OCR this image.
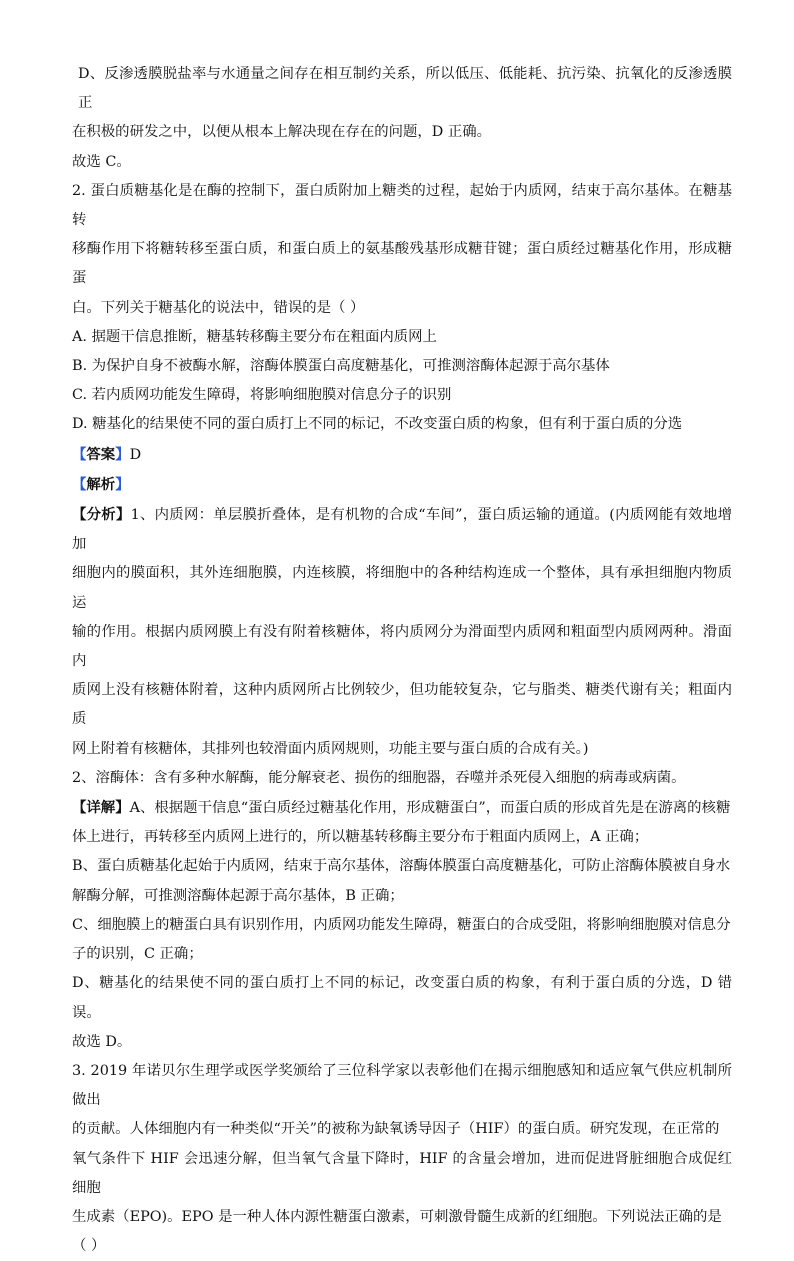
D、反渗透膜脱盐率与水通量之间存在相互制约关系，所以低压、低能耗、抗污染、抗氧化的反渗透膜正

在积极的研发之中，以便从根本上解决现在存在的问题，D 正确。

故选 C。

2. 蛋白质糖基化是在酶的控制下，蛋白质附加上糖类的过程，起始于内质网，结束于高尔基体。在糖基转

移酶作用下将糖转移至蛋白质，和蛋白质上的氨基酸残基形成糖苷键；蛋白质经过糖基化作用，形成糖蛋

白。下列关于糖基化的说法中，错误的是（ ）

A. 据题干信息推断，糖基转移酶主要分布在粗面内质网上

B. 为保护自身不被酶水解，溶酶体膜蛋白高度糖基化，可推测溶酶体起源于高尔基体

C. 若内质网功能发生障碍，将影响细胞膜对信息分子的识别

D. 糖基化的结果使不同的蛋白质打上不同的标记，不改变蛋白质的构象，但有利于蛋白质的分选

【答案】D

【解析】

【分析】1、内质网：单层膜折叠体，是有机物的合成“车间”，蛋白质运输的通道。(内质网能有效地增加

细胞内的膜面积，其外连细胞膜，内连核膜，将细胞中的各种结构连成一个整体，具有承担细胞内物质运

输的作用。根据内质网膜上有没有附着核糖体，将内质网分为滑面型内质网和粗面型内质网两种。滑面内

质网上没有核糖体附着，这种内质网所占比例较少，但功能较复杂，它与脂类、糖类代谢有关；粗面内质

网上附着有核糖体，其排列也较滑面内质网规则，功能主要与蛋白质的合成有关。)

2、溶酶体：含有多种水解酶，能分解衰老、损伤的细胞器，吞噬并杀死侵入细胞的病毒或病菌。

【详解】A、根据题干信息“蛋白质经过糖基化作用，形成糖蛋白”，而蛋白质的形成首先是在游离的核糖

体上进行，再转移至内质网上进行的，所以糖基转移酶主要分布于粗面内质网上，A 正确；

B、蛋白质糖基化起始于内质网，结束于高尔基体，溶酶体膜蛋白高度糖基化，可防止溶酶体膜被自身水

解酶分解，可推测溶酶体起源于高尔基体，B 正确；

C、细胞膜上的糖蛋白具有识别作用，内质网功能发生障碍，糖蛋白的合成受阻，将影响细胞膜对信息分

子的识别，C 正确；

D、糖基化的结果使不同的蛋白质打上不同的标记，改变蛋白质的构象，有利于蛋白质的分选，D 错误。

故选 D。

3. 2019 年诺贝尔生理学或医学奖颁给了三位科学家以表彰他们在揭示细胞感知和适应氧气供应机制所做出

的贡献。人体细胞内有一种类似“开关”的被称为缺氧诱导因子（HIF）的蛋白质。研究发现，在正常的

氧气条件下 HIF 会迅速分解，但当氧气含量下降时，HIF 的含量会增加，进而促进肾脏细胞合成促红细胞

生成素（EPO)。EPO 是一种人体内源性糖蛋白激素，可刺激骨髓生成新的红细胞。下列说法正确的是

（ ）
